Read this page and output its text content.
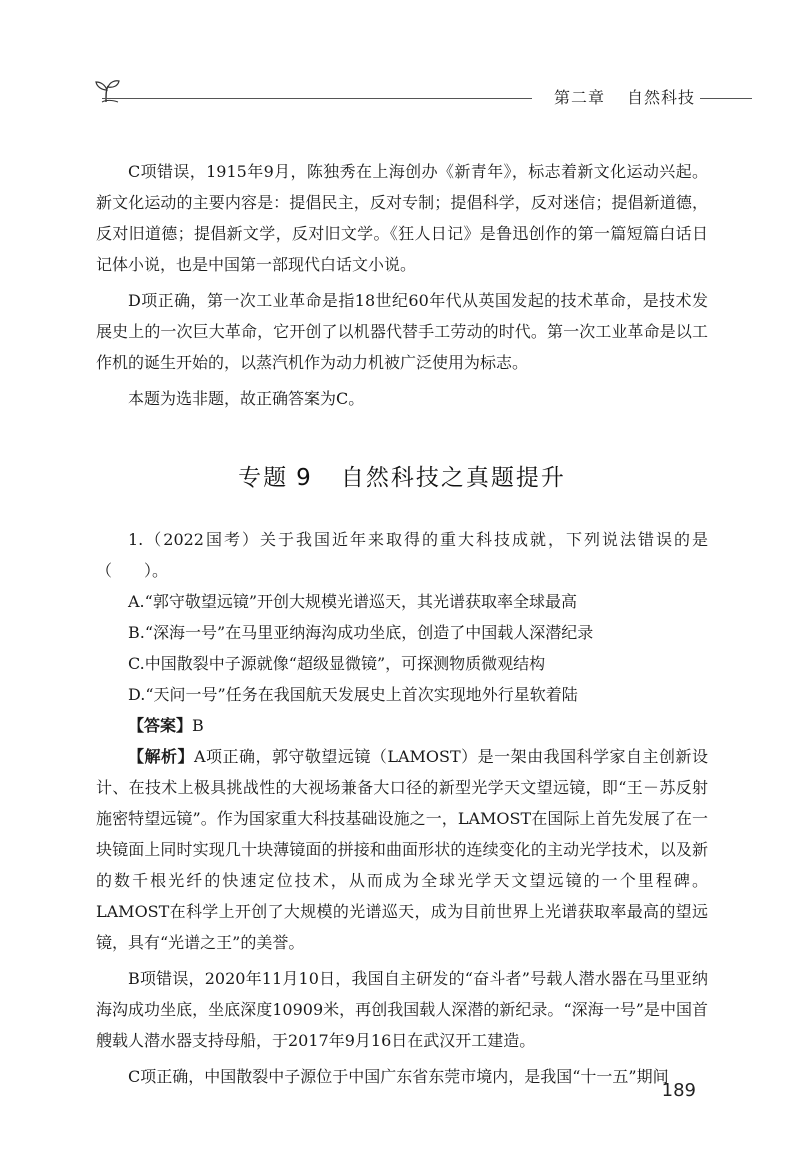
第二章 自然科技

C项错误，1915年9月，陈独秀在上海创办《新青年》，标志着新文化运动兴起。新文化运动的主要内容是：提倡民主，反对专制；提倡科学，反对迷信；提倡新道德，反对旧道德；提倡新文学，反对旧文学。《狂人日记》是鲁迅创作的第一篇短篇白话日记体小说，也是中国第一部现代白话文小说。

D项正确，第一次工业革命是指18世纪60年代从英国发起的技术革命，是技术发展史上的一次巨大革命，它开创了以机器代替手工劳动的时代。第一次工业革命是以工作机的诞生开始的，以蒸汽机作为动力机被广泛使用为标志。

本题为选非题，故正确答案为C。

专题 9 自然科技之真题提升

1.（2022国考）关于我国近年来取得的重大科技成就，下列说法错误的是（　　）。

A.“郭守敬望远镜”开创大规模光谱巡天，其光谱获取率全球最高

B.“深海一号”在马里亚纳海沟成功坐底，创造了中国载人深潜纪录

C.中国散裂中子源就像“超级显微镜”，可探测物质微观结构

D.“天问一号”任务在我国航天发展史上首次实现地外行星软着陆

【答案】B

【解析】A项正确，郭守敬望远镜（LAMOST）是一架由我国科学家自主创新设计、在技术上极具挑战性的大视场兼备大口径的新型光学天文望远镜，即“王－苏反射施密特望远镜”。作为国家重大科技基础设施之一，LAMOST在国际上首先发展了在一块镜面上同时实现几十块薄镜面的拼接和曲面形状的连续变化的主动光学技术，以及新的数千根光纤的快速定位技术，从而成为全球光学天文望远镜的一个里程碑。LAMOST在科学上开创了大规模的光谱巡天，成为目前世界上光谱获取率最高的望远镜，具有“光谱之王”的美誉。

B项错误，2020年11月10日，我国自主研发的“奋斗者”号载人潜水器在马里亚纳海沟成功坐底，坐底深度10909米，再创我国载人深潜的新纪录。“深海一号”是中国首艘载人潜水器支持母船，于2017年9月16日在武汉开工建造。

C项正确，中国散裂中子源位于中国广东省东莞市境内，是我国“十一五”期间

189
